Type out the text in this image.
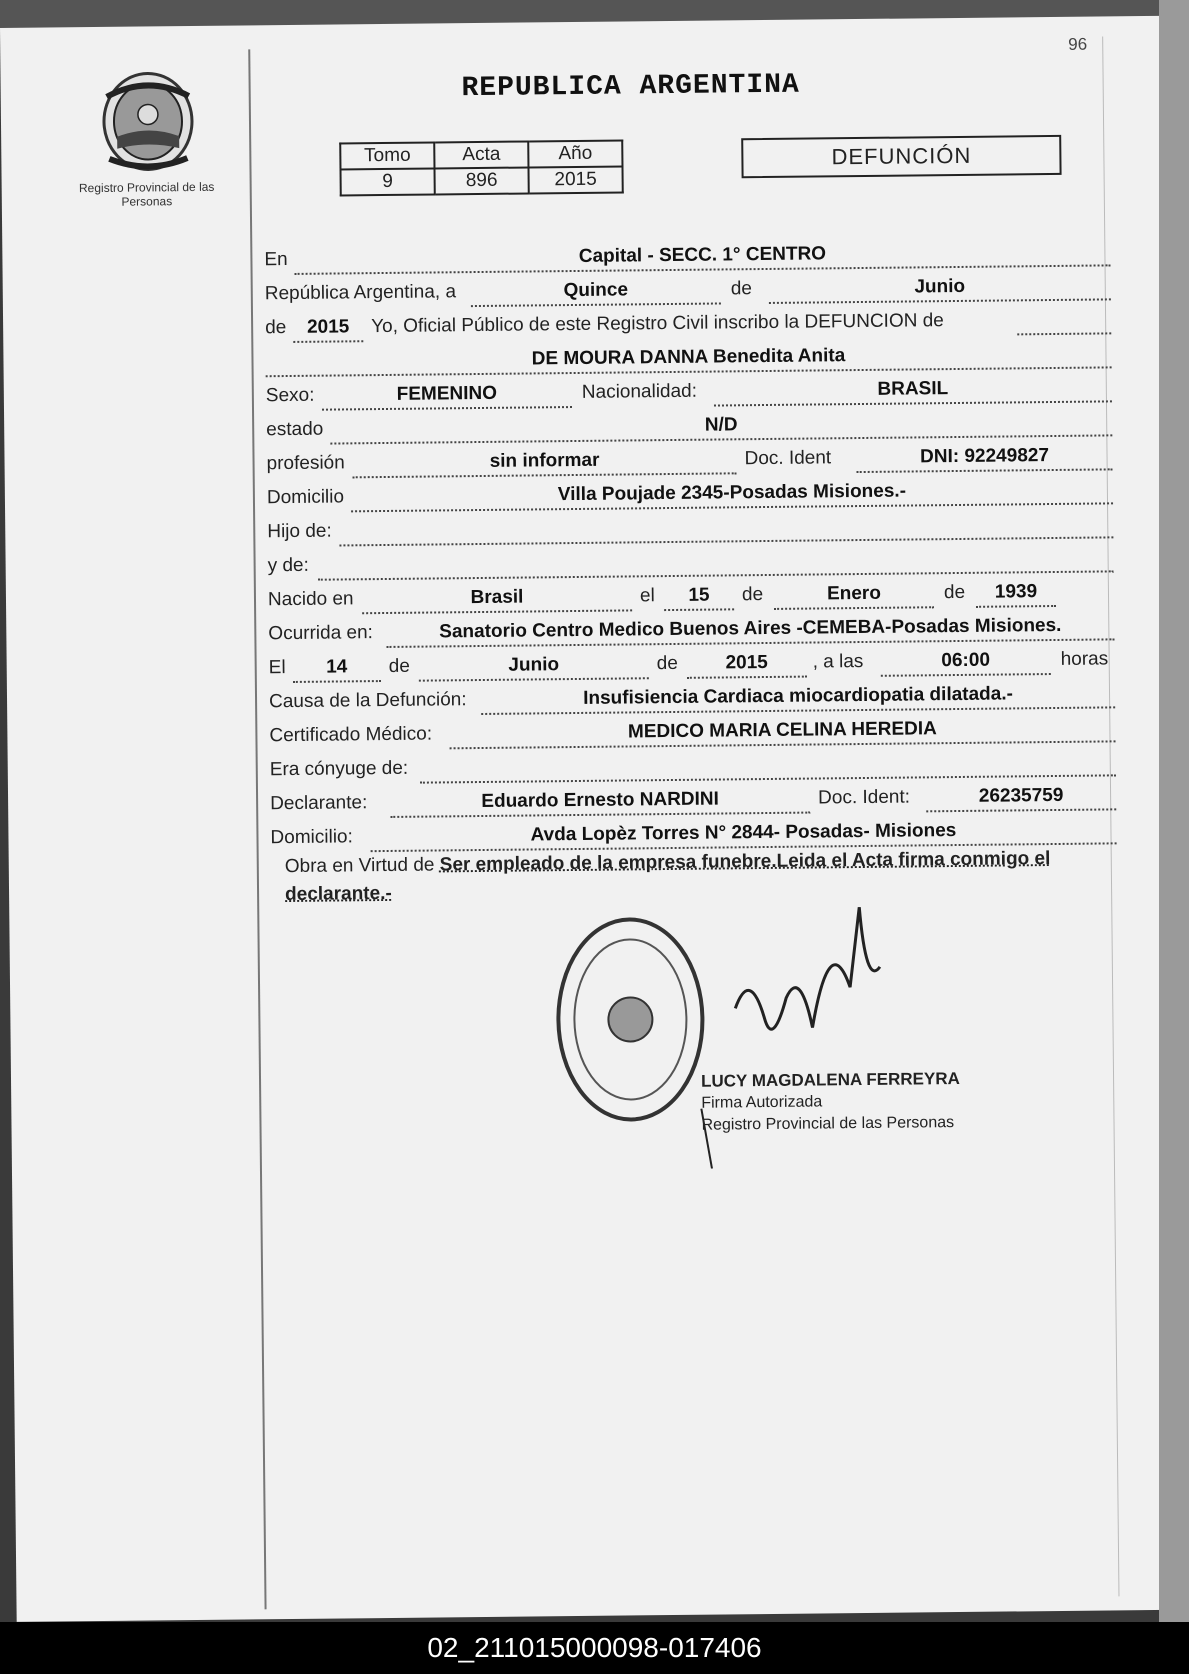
96
Registro Provincial de las Personas
REPUBLICA ARGENTINA
Tomo	Acta	Año
9	896	2015
DEFUNCIÓN
En	Capital - SECC. 1° CENTRO
República Argentina, a	Quince	de	Junio
de	2015	Yo, Oficial Público de este Registro Civil inscribo la DEFUNCION de
DE MOURA DANNA Benedita Anita
Sexo:	FEMENINO	Nacionalidad:	BRASIL
estado	N/D
profesión	sin informar	Doc. Ident	DNI: 92249827
Domicilio	Villa Poujade 2345-Posadas Misiones.-
Hijo de:
y de:
Nacido en	Brasil	el	15	de	Enero	de	1939
Ocurrida en:	Sanatorio Centro Medico Buenos Aires -CEMEBA-Posadas Misiones.
El	14	de	Junio	de	2015	, a las	06:00	horas
Causa de la Defunción:	Insufisiencia Cardiaca miocardiopatia dilatada.-
Certificado Médico:	MEDICO MARIA CELINA HEREDIA
Era cónyuge de:
Declarante:	Eduardo Ernesto NARDINI	Doc. Ident:	26235759
Domicilio:	Avda Lopèz Torres N° 2844- Posadas- Misiones
Obra en Virtud de Ser empleado de la empresa funebre.Leida el Acta firma conmigo el declarante.-
LUCY MAGDALENA FERREYRA
Firma Autorizada
Registro Provincial de las Personas
02_211015000098-017406
